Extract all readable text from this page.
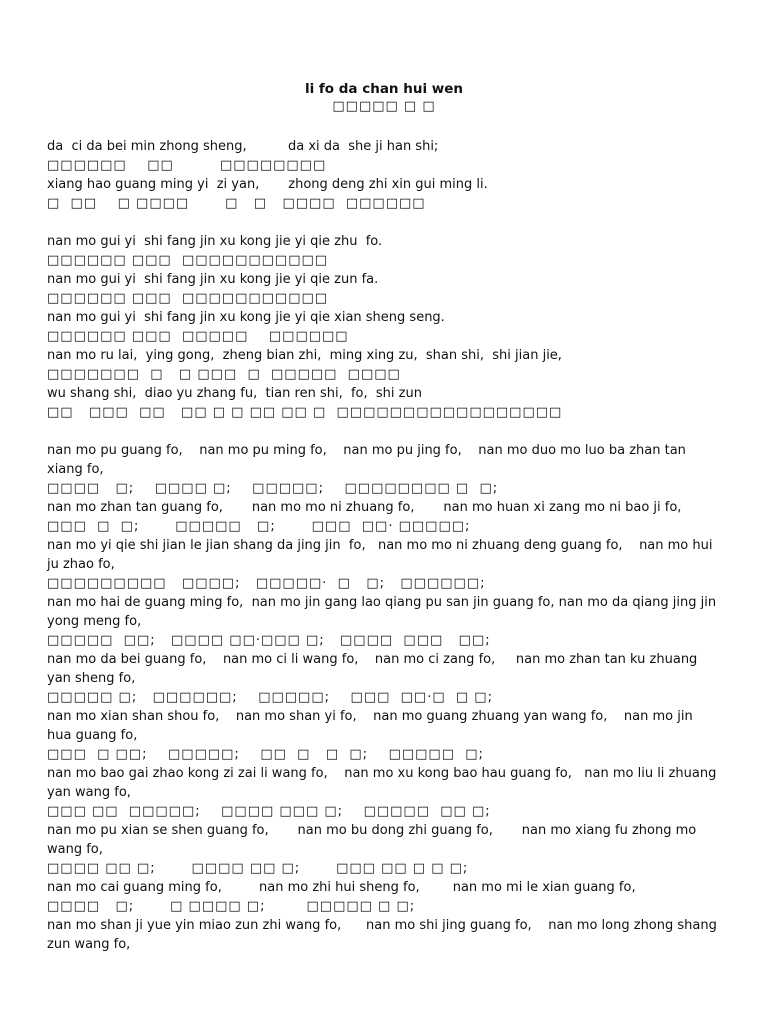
li fo da chan hui wen
□□□□□ □ □
da  ci da bei min zhong sheng,          da xi da  she ji han shi;
□□□□□□    □□         □□□□□□□□
xiang hao guang ming yi  zi yan,       zhong deng zhi xin gui ming li.
□  □□    □ □□□□       □   □   □□□□  □□□□□□
nan mo gui yi  shi fang jin xu kong jie yi qie zhu  fo.
□□□□□□ □□□  □□□□□□□□□□□
nan mo gui yi  shi fang jin xu kong jie yi qie zun fa.
□□□□□□ □□□  □□□□□□□□□□□
nan mo gui yi  shi fang jin xu kong jie yi qie xian sheng seng.
□□□□□□ □□□  □□□□□    □□□□□□
nan mo ru lai,  ying gong,  zheng bian zhi,  ming xing zu,  shan shi,  shi jian jie,
□□□□□□□  □   □ □□□  □  □□□□□  □□□□
wu shang shi,  diao yu zhang fu,  tian ren shi,  fo,  shi zun
□□   □□□  □□   □□ □ □ □□ □□ □  □□□□□□□□□□□□□□□□□
nan mo pu guang fo,    nan mo pu ming fo,    nan mo pu jing fo,    nan mo duo mo luo ba zhan tan xiang fo,
□□□□   □;    □□□□ □;    □□□□□;    □□□□□□□□ □  □;
nan mo zhan tan guang fo,       nan mo mo ni zhuang fo,       nan mo huan xi zang mo ni bao ji fo,
□□□  □  □;       □□□□□   □;       □□□  □□· □□□□□;
nan mo yi qie shi jian le jian shang da jing jin  fo,   nan mo mo ni zhuang deng guang fo,    nan mo hui ju zhao fo,
□□□□□□□□□   □□□□;   □□□□□·  □   □;   □□□□□□;
nan mo hai de guang ming fo,  nan mo jin gang lao qiang pu san jin guang fo, nan mo da qiang jing jin yong meng fo,
□□□□□  □□;   □□□□ □□·□□□ □;   □□□□  □□□   □□;
nan mo da bei guang fo,    nan mo ci li wang fo,    nan mo ci zang fo,     nan mo zhan tan ku zhuang yan sheng fo,
□□□□□ □;   □□□□□□;    □□□□□;    □□□  □□·□  □ □;
nan mo xian shan shou fo,    nan mo shan yi fo,    nan mo guang zhuang yan wang fo,    nan mo jin hua guang fo,
□□□  □ □□;    □□□□□;    □□  □   □  □;    □□□□□  □;
nan mo bao gai zhao kong zi zai li wang fo,    nan mo xu kong bao hau guang fo,   nan mo liu li zhuang yan wang fo,
□□□ □□  □□□□□;    □□□□ □□□ □;    □□□□□  □□ □;
nan mo pu xian se shen guang fo,       nan mo bu dong zhi guang fo,       nan mo xiang fu zhong mo wang fo,
□□□□ □□ □;       □□□□ □□ □;       □□□ □□ □ □ □;
nan mo cai guang ming fo,         nan mo zhi hui sheng fo,        nan mo mi le xian guang fo,
□□□□   □;       □ □□□□ □;        □□□□□ □ □;
nan mo shan ji yue yin miao zun zhi wang fo,      nan mo shi jing guang fo,    nan mo long zhong shang zun wang fo,
